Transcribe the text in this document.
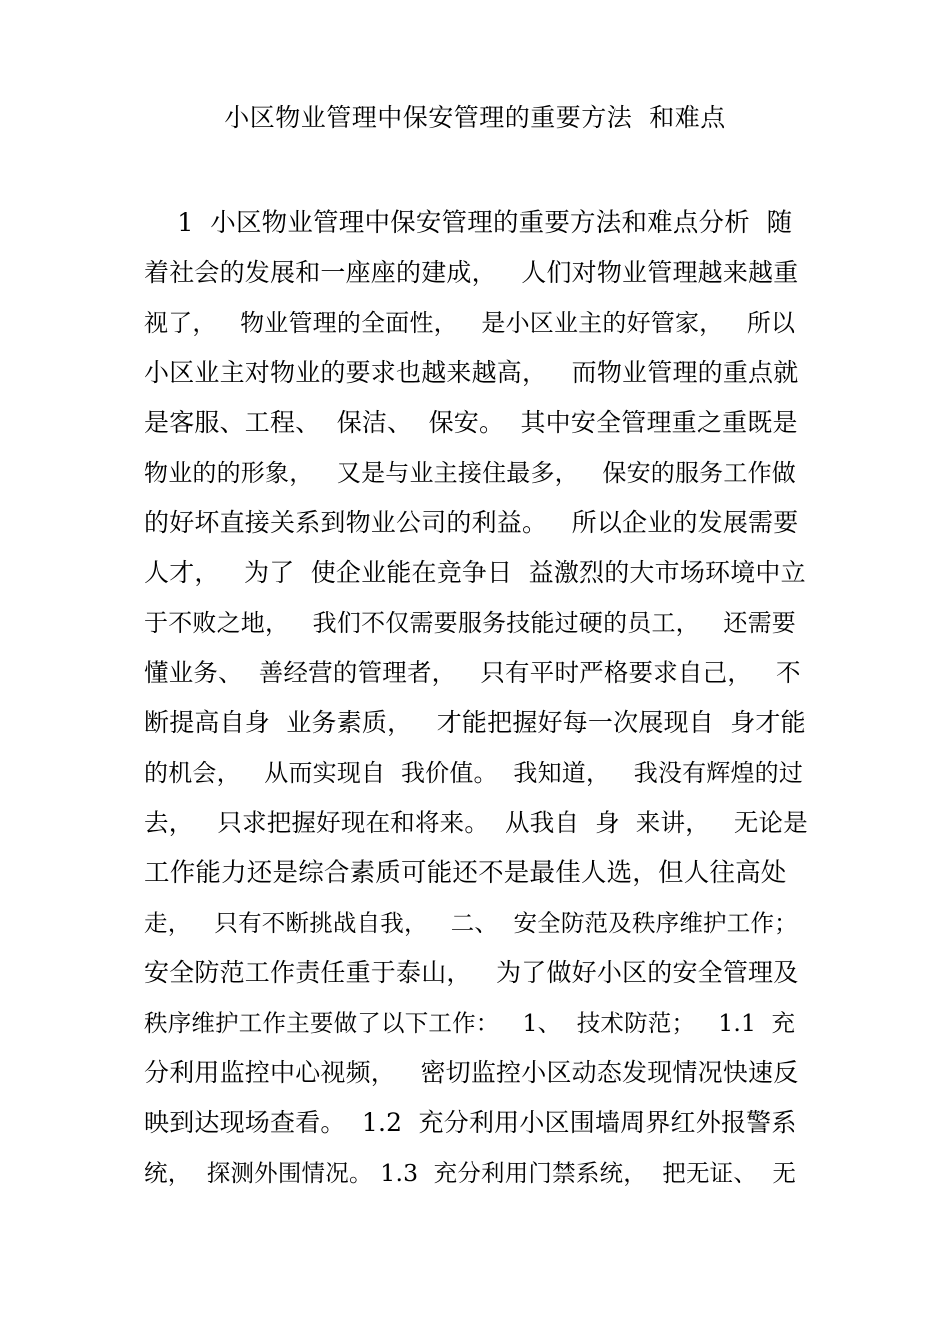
小区物业管理中保安管理的重要方法  和难点
1  小区物业管理中保安管理的重要方法和难点分析  随
着社会的发展和一座座的建成，   人们对物业管理越来越重
视了，   物业管理的全面性，   是小区业主的好管家，   所以
小区业主对物业的要求也越来越高，   而物业管理的重点就
是客服、工程、  保洁、  保安。  其中安全管理重之重既是
物业的的形象，   又是与业主接住最多，   保安的服务工作做
的好坏直接关系到物业公司的利益。   所以企业的发展需要
人才，   为了  使企业能在竞争日  益激烈的大市场环境中立
于不败之地，   我们不仅需要服务技能过硬的员工，   还需要
懂业务、  善经营的管理者，   只有平时严格要求自己，   不
断提高自身  业务素质，   才能把握好每一次展现自  身才能
的机会，   从而实现自  我价值。  我知道，   我没有辉煌的过
去，   只求把握好现在和将来。  从我自  身  来讲，   无论是
工作能力还是综合素质可能还不是最佳人选，但人往高处
走，   只有不断挑战自我，   二、  安全防范及秩序维护工作；
安全防范工作责任重于泰山，   为了做好小区的安全管理及
秩序维护工作主要做了以下工作：   1、  技术防范；   1.1  充
分利用监控中心视频，   密切监控小区动态发现情况快速反
映到达现场查看。  1.2  充分利用小区围墙周界红外报警系
统，  探测外围情况。 1.3  充分利用门禁系统，  把无证、  无
